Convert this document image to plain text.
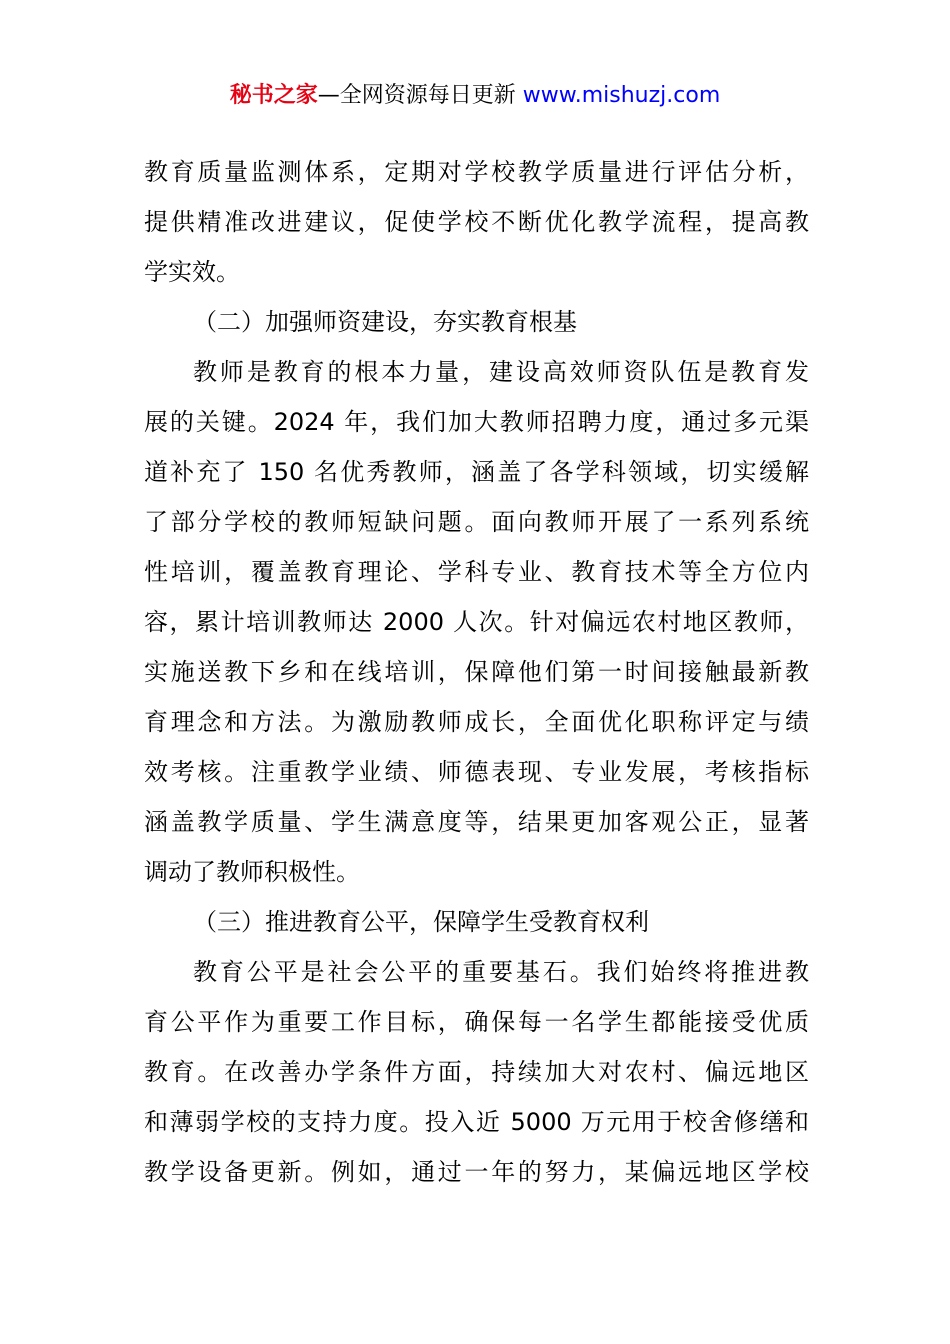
秘书之家—全网资源每日更新 www.mishuzj.com
教育质量监测体系，定期对学校教学质量进行评估分析，
提供精准改进建议，促使学校不断优化教学流程，提高教
学实效。
（二）加强师资建设，夯实教育根基
教师是教育的根本力量，建设高效师资队伍是教育发
展的关键。2024 年，我们加大教师招聘力度，通过多元渠
道补充了 150 名优秀教师，涵盖了各学科领域，切实缓解
了部分学校的教师短缺问题。面向教师开展了一系列系统
性培训，覆盖教育理论、学科专业、教育技术等全方位内
容，累计培训教师达 2000 人次。针对偏远农村地区教师，
实施送教下乡和在线培训，保障他们第一时间接触最新教
育理念和方法。为激励教师成长，全面优化职称评定与绩
效考核。注重教学业绩、师德表现、专业发展，考核指标
涵盖教学质量、学生满意度等，结果更加客观公正，显著
调动了教师积极性。
（三）推进教育公平，保障学生受教育权利
教育公平是社会公平的重要基石。我们始终将推进教
育公平作为重要工作目标，确保每一名学生都能接受优质
教育。在改善办学条件方面，持续加大对农村、偏远地区
和薄弱学校的支持力度。投入近 5000 万元用于校舍修缮和
教学设备更新。例如，通过一年的努力，某偏远地区学校
